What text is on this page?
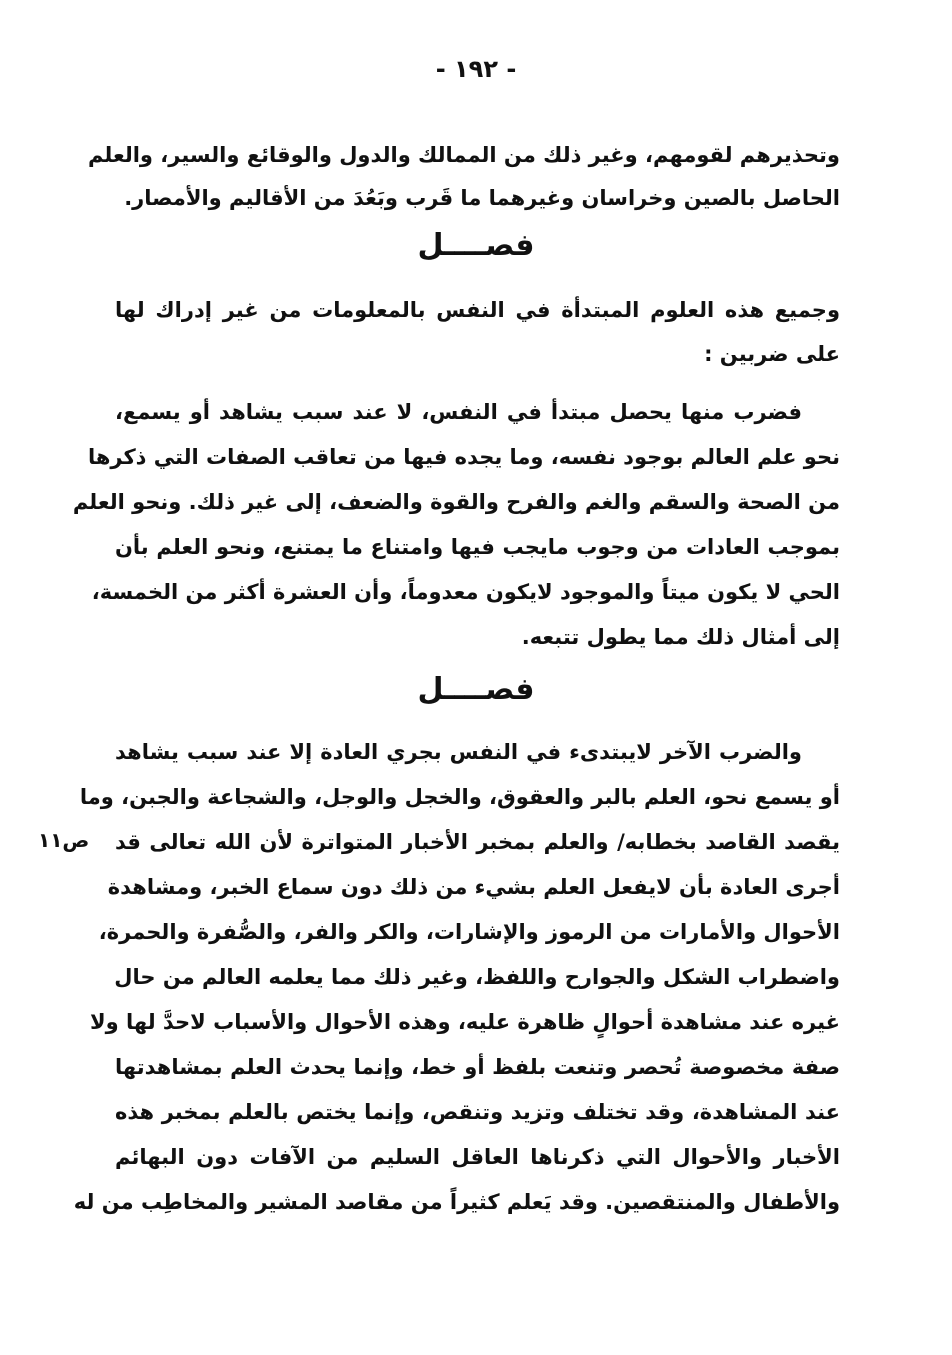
- ١٩٢ -
وتحذيرهم لقومهم، وغير ذلك من الممالك والدول والوقائع والسير، والعلم
الحاصل بالصين وخراسان وغيرهما ما قَرب وبَعُدَ من الأقاليم والأمصار.
فصــــل
وجميع هذه العلوم المبتدأة في النفس بالمعلومات من غير إدراك لها
على ضربين :
فضرب منها يحصل مبتدأ في النفس، لا عند سبب يشاهد أو يسمع،
نحو علم العالم بوجود نفسه، وما يجده فيها من تعاقب الصفات التي ذكرها
من الصحة والسقم والغم والفرح والقوة والضعف، إلى غير ذلك. ونحو العلم
بموجب العادات من وجوب مايجب فيها وامتناع ما يمتنع، ونحو العلم بأن
الحي لا يكون ميتاً والموجود لايكون معدوماً، وأن العشرة أكثر من الخمسة،
إلى أمثال ذلك مما يطول تتبعه.
فصــــل
والضرب الآخر لايبتدىء في النفس بجري العادة إلا عند سبب يشاهد
أو يسمع نحو، العلم بالبر والعقوق، والخجل والوجل، والشجاعة والجبن، وما
يقصد القاصد بخطابه/ والعلم بمخبر الأخبار المتواترة لأن الله تعالى قد
أجرى العادة بأن لايفعل العلم بشيء من ذلك دون سماع الخبر، ومشاهدة
الأحوال والأمارات من الرموز والإشارات، والكر والفر، والصُّفرة والحمرة،
واضطراب الشكل والجوارح واللفظ، وغير ذلك مما يعلمه العالم من حال
غيره عند مشاهدة أحوالٍ ظاهرة عليه، وهذه الأحوال والأسباب لاحدَّ لها ولا
صفة مخصوصة تُحصر وتنعت بلفظ أو خط، وإنما يحدث العلم بمشاهدتها
عند المشاهدة، وقد تختلف وتزيد وتنقص، وإنما يختص بالعلم بمخبر هذه
الأخبار والأحوال التي ذكرناها العاقل السليم من الآفات دون البهائم
والأطفال والمنتقصين. وقد يَعلم كثيراً من مقاصد المشير والمخاطِب من له
ص١١
